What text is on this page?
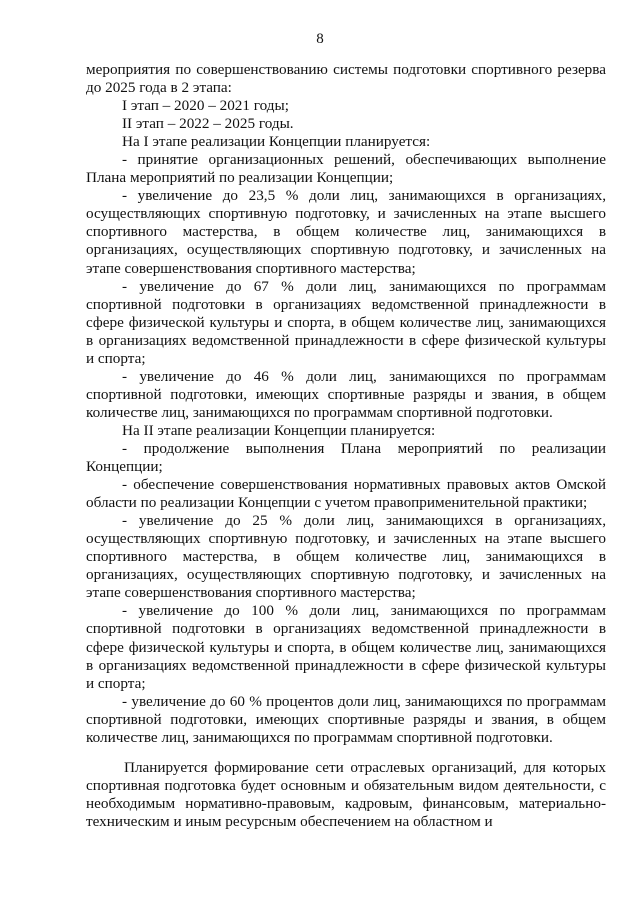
8

мероприятия по совершенствованию системы подготовки спортивного резерва до 2025 года в 2 этапа:

I этап – 2020 – 2021 годы;

II этап – 2022 – 2025 годы.

На I этапе реализации Концепции планируется:

- принятие организационных решений, обеспечивающих выполнение Плана мероприятий по реализации Концепции;

- увеличение до 23,5 % доли лиц, занимающихся в организациях, осуществляющих спортивную подготовку, и зачисленных на этапе высшего спортивного мастерства, в общем количестве лиц, занимающихся в организациях, осуществляющих спортивную подготовку, и зачисленных на этапе совершенствования спортивного мастерства;

- увеличение до 67 % доли лиц, занимающихся по программам спортивной подготовки в организациях ведомственной принадлежности в сфере физической культуры и спорта, в общем количестве лиц, занимающихся в организациях ведомственной принадлежности в сфере физической культуры и спорта;

- увеличение до 46 % доли лиц, занимающихся по программам спортивной подготовки, имеющих спортивные разряды и звания, в общем количестве лиц, занимающихся по программам спортивной подготовки.

На II этапе реализации Концепции планируется:

- продолжение выполнения Плана мероприятий по реализации Концепции;

- обеспечение совершенствования нормативных правовых актов Омской области по реализации Концепции с учетом правоприменительной практики;

- увеличение до 25 % доли лиц, занимающихся в организациях, осуществляющих спортивную подготовку, и зачисленных на этапе высшего спортивного мастерства, в общем количестве лиц, занимающихся в организациях, осуществляющих спортивную подготовку, и зачисленных на этапе совершенствования спортивного мастерства;

- увеличение до 100 % доли лиц, занимающихся по программам спортивной подготовки в организациях ведомственной принадлежности в сфере физической культуры и спорта, в общем количестве лиц, занимающихся в организациях ведомственной принадлежности в сфере физической культуры и спорта;

- увеличение до 60 % процентов доли лиц, занимающихся по программам спортивной подготовки, имеющих спортивные разряды и звания, в общем количестве лиц, занимающихся по программам спортивной подготовки.

Планируется формирование сети отраслевых организаций, для которых спортивная подготовка будет основным и обязательным видом деятельности, с необходимым нормативно-правовым, кадровым, финансовым, материально-техническим и иным ресурсным обеспечением на областном и
